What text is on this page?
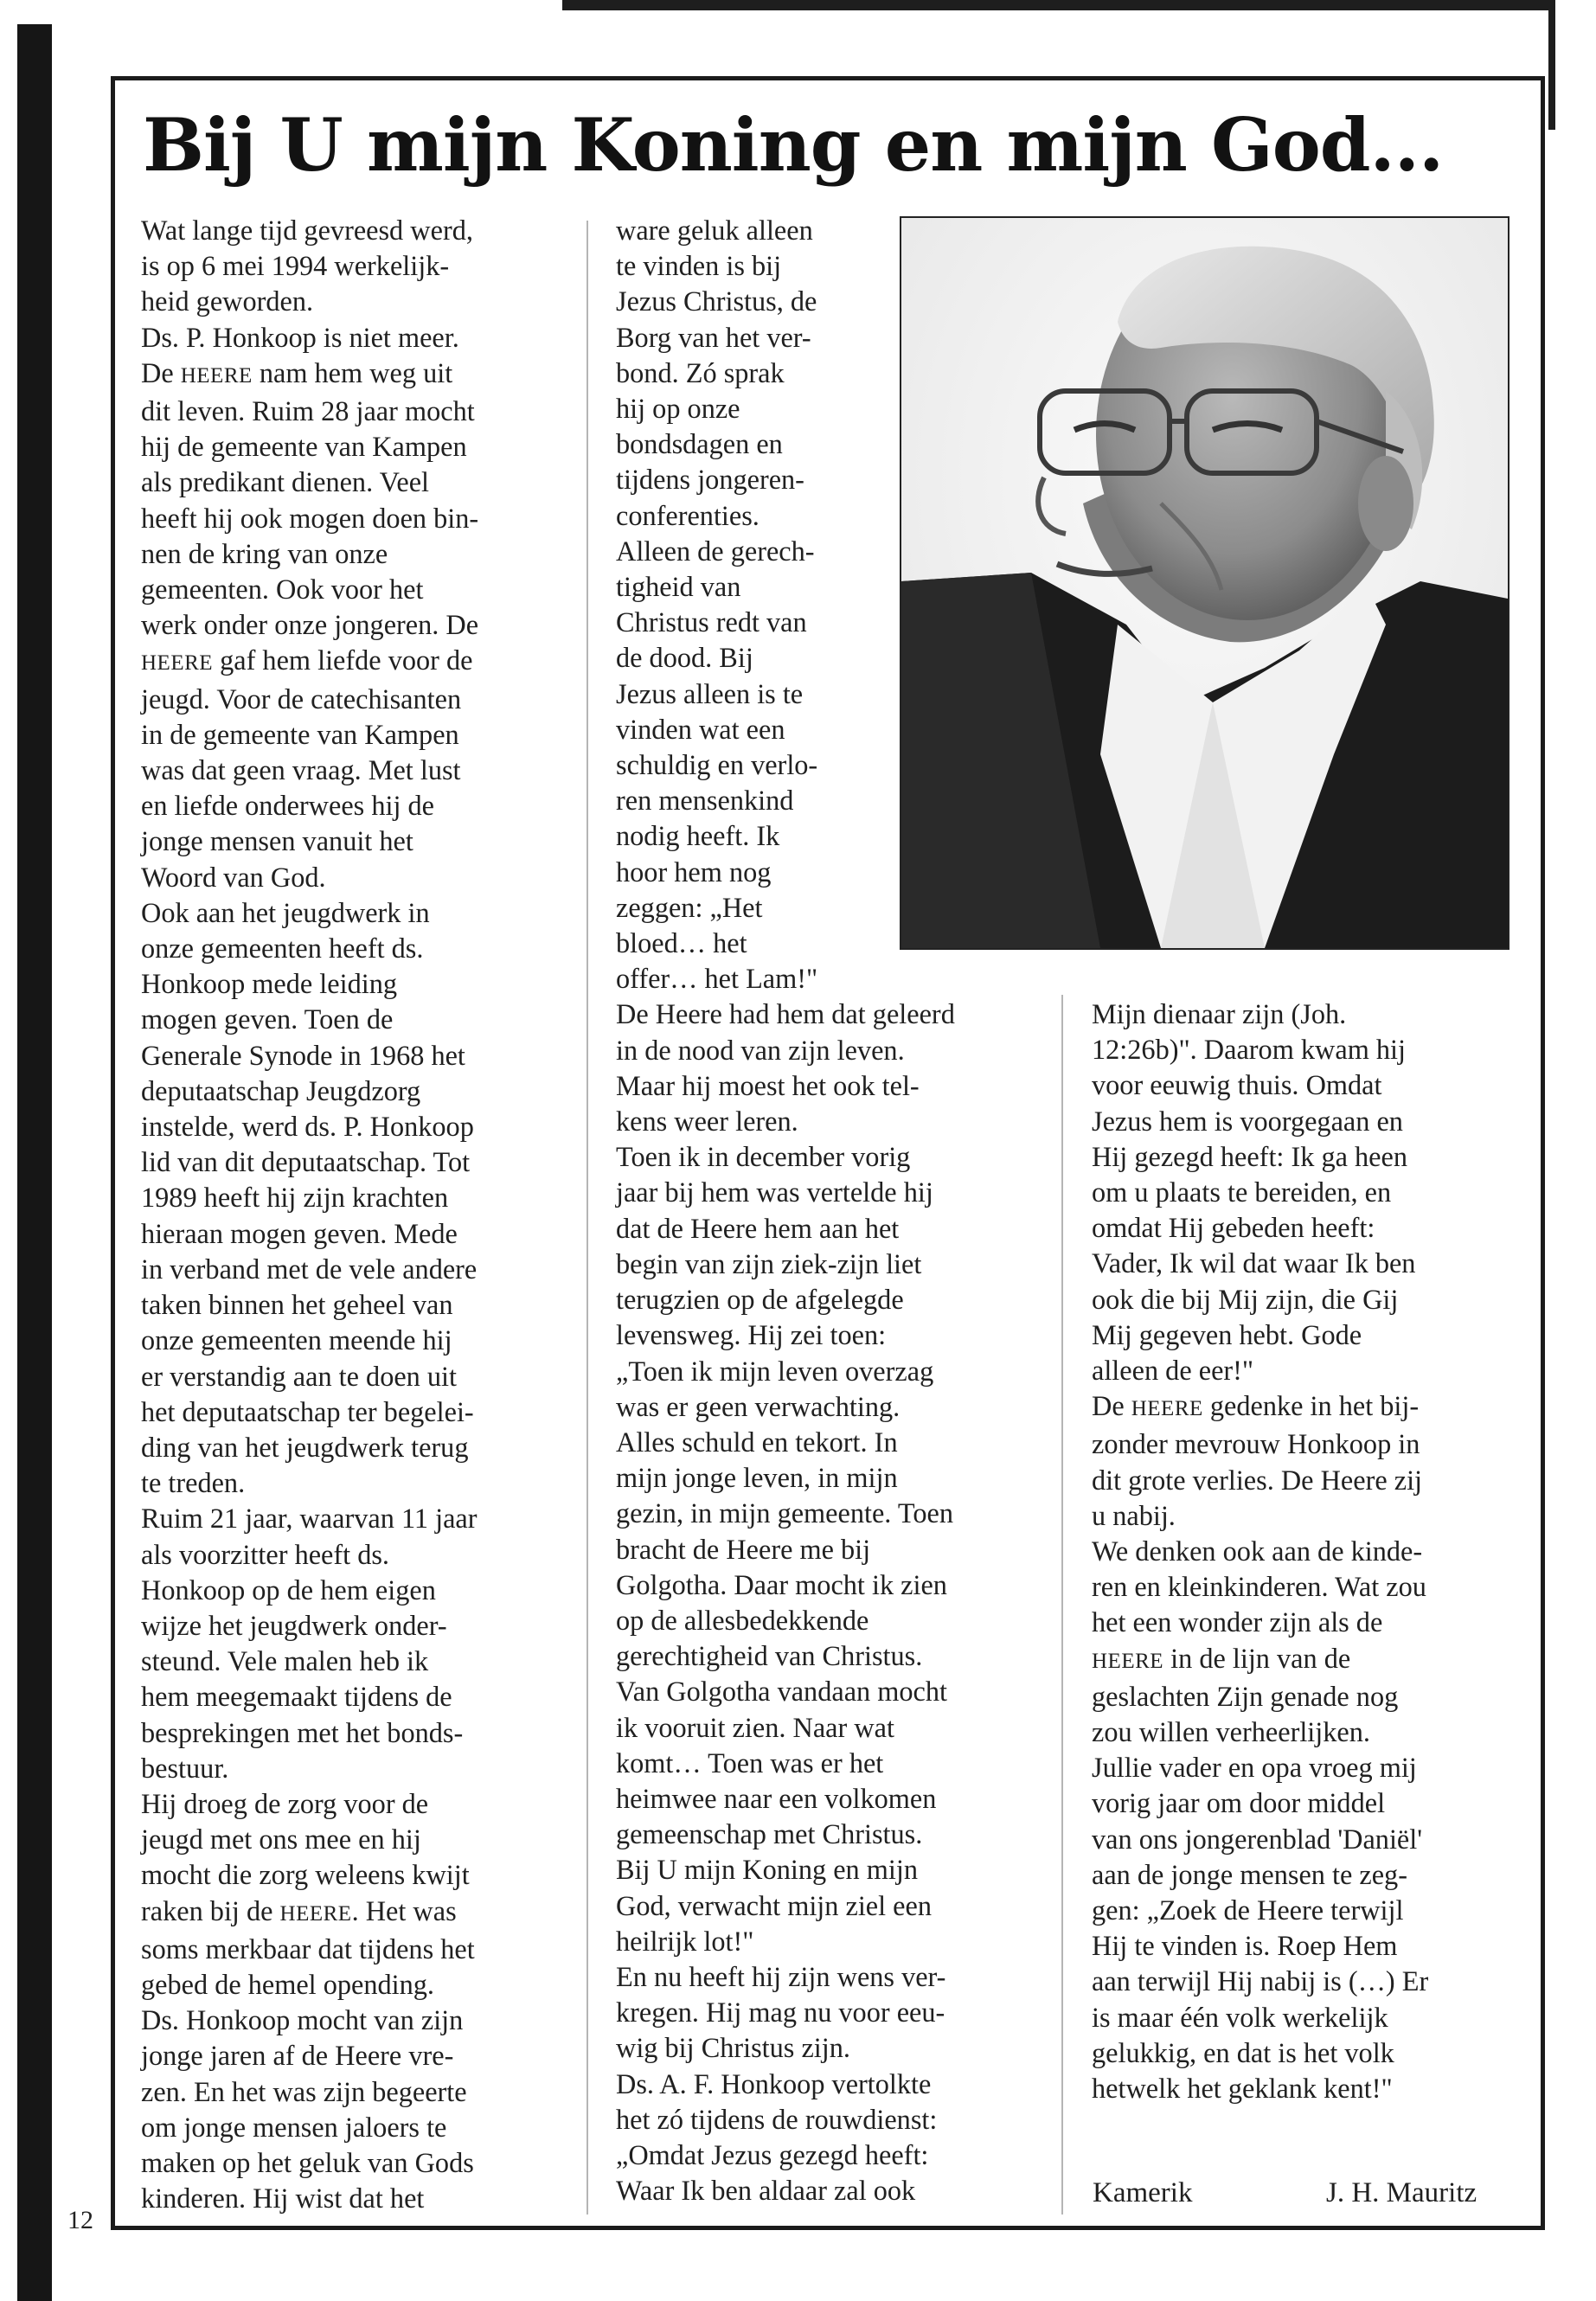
Bij U mijn Koning en mijn God...
Wat lange tijd gevreesd werd,
is op 6 mei 1994 werkelijk-
heid geworden.
Ds. P. Honkoop is niet meer.
De HEERE nam hem weg uit
dit leven. Ruim 28 jaar mocht
hij de gemeente van Kampen
als predikant dienen. Veel
heeft hij ook mogen doen bin-
nen de kring van onze
gemeenten. Ook voor het
werk onder onze jongeren. De
HEERE gaf hem liefde voor de
jeugd. Voor de catechisanten
in de gemeente van Kampen
was dat geen vraag. Met lust
en liefde onderwees hij de
jonge mensen vanuit het
Woord van God.
Ook aan het jeugdwerk in
onze gemeenten heeft ds.
Honkoop mede leiding
mogen geven. Toen de
Generale Synode in 1968 het
deputaatschap Jeugdzorg
instelde, werd ds. P. Honkoop
lid van dit deputaatschap. Tot
1989 heeft hij zijn krachten
hieraan mogen geven. Mede
in verband met de vele andere
taken binnen het geheel van
onze gemeenten meende hij
er verstandig aan te doen uit
het deputaatschap ter begelei-
ding van het jeugdwerk terug
te treden.
Ruim 21 jaar, waarvan 11 jaar
als voorzitter heeft ds.
Honkoop op de hem eigen
wijze het jeugdwerk onder-
steund. Vele malen heb ik
hem meegemaakt tijdens de
besprekingen met het bonds-
bestuur.
Hij droeg de zorg voor de
jeugd met ons mee en hij
mocht die zorg weleens kwijt
raken bij de HEERE. Het was
soms merkbaar dat tijdens het
gebed de hemel opending.
Ds. Honkoop mocht van zijn
jonge jaren af de Heere vre-
zen. En het was zijn begeerte
om jonge mensen jaloers te
maken op het geluk van Gods
kinderen. Hij wist dat het
ware geluk alleen
te vinden is bij
Jezus Christus, de
Borg van het ver-
bond. Zó sprak
hij op onze
bondsdagen en
tijdens jongeren-
conferenties.
Alleen de gerech-
tigheid van
Christus redt van
de dood. Bij
Jezus alleen is te
vinden wat een
schuldig en verlo-
ren mensenkind
nodig heeft. Ik
hoor hem nog
zeggen: „Het
bloed… het
offer… het Lam!"
De Heere had hem dat geleerd
in de nood van zijn leven.
Maar hij moest het ook tel-
kens weer leren.
Toen ik in december vorig
jaar bij hem was vertelde hij
dat de Heere hem aan het
begin van zijn ziek-zijn liet
terugzien op de afgelegde
levensweg. Hij zei toen:
„Toen ik mijn leven overzag
was er geen verwachting.
Alles schuld en tekort. In
mijn jonge leven, in mijn
gezin, in mijn gemeente. Toen
bracht de Heere me bij
Golgotha. Daar mocht ik zien
op de allesbedekkende
gerechtigheid van Christus.
Van Golgotha vandaan mocht
ik vooruit zien. Naar wat
komt… Toen was er het
heimwee naar een volkomen
gemeenschap met Christus.
Bij U mijn Koning en mijn
God, verwacht mijn ziel een
heilrijk lot!"
En nu heeft hij zijn wens ver-
kregen. Hij mag nu voor eeu-
wig bij Christus zijn.
Ds. A. F. Honkoop vertolkte
het zó tijdens de rouwdienst:
„Omdat Jezus gezegd heeft:
Waar Ik ben aldaar zal ook
Mijn dienaar zijn (Joh.
12:26b)". Daarom kwam hij
voor eeuwig thuis. Omdat
Jezus hem is voorgegaan en
Hij gezegd heeft: Ik ga heen
om u plaats te bereiden, en
omdat Hij gebeden heeft:
Vader, Ik wil dat waar Ik ben
ook die bij Mij zijn, die Gij
Mij gegeven hebt. Gode
alleen de eer!"
De HEERE gedenke in het bij-
zonder mevrouw Honkoop in
dit grote verlies. De Heere zij
u nabij.
We denken ook aan de kinde-
ren en kleinkinderen. Wat zou
het een wonder zijn als de
HEERE in de lijn van de
geslachten Zijn genade nog
zou willen verheerlijken.
Jullie vader en opa vroeg mij
vorig jaar om door middel
van ons jongerenblad 'Daniël'
aan de jonge mensen te zeg-
gen: „Zoek de Heere terwijl
Hij te vinden is. Roep Hem
aan terwijl Hij nabij is (…) Er
is maar één volk werkelijk
gelukkig, en dat is het volk
hetwelk het geklank kent!"
Kamerik	J. H. Mauritz
12
